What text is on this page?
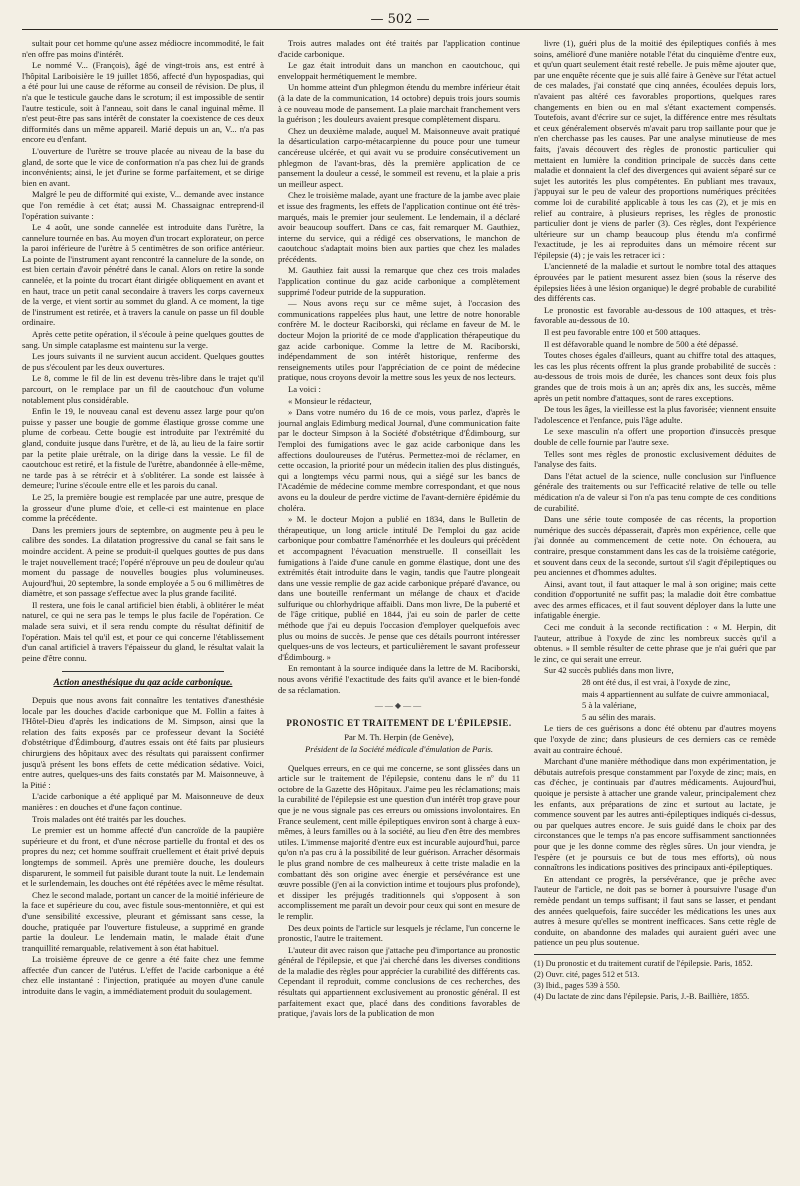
— 502 —

sultait pour cet homme qu'une assez médiocre incommodité, le fait n'en offre pas moins d'intérêt.

Le nommé V... (François), âgé de vingt-trois ans, est entré à l'hôpital Lariboisière le 19 juillet 1856, affecté d'un hypospadias, qui a été pour lui une cause de réforme au conseil de révision. De plus, il n'a que le testicule gauche dans le scrotum; il est impossible de sentir l'autre testicule, soit à l'anneau, soit dans le canal inguinal même. Il n'est peut-être pas sans intérêt de constater la coexistence de ces deux difformités dans un même appareil. Marié depuis un an, V... n'a pas encore eu d'enfant.

L'ouverture de l'urètre se trouve placée au niveau de la base du gland, de sorte que le vice de conformation n'a pas chez lui de grands inconvénients; ainsi, le jet d'urine se forme parfaitement, et se dirige bien en avant.

Malgré le peu de difformité qui existe, V... demande avec instance que l'on remédie à cet état; aussi M. Chassaignac entreprend-il l'opération suivante :

Le 4 août, une sonde cannelée est introduite dans l'urètre, la cannelure tournée en bas. Au moyen d'un trocart explorateur, on perce la paroi inférieure de l'urètre à 5 centimètres de son orifice antérieur. La pointe de l'instrument ayant rencontré la cannelure de la sonde, on est bien certain d'avoir pénétré dans le canal. Alors on retire la sonde cannelée, et la pointe du trocart étant dirigée obliquement en avant et en haut, trace un petit canal secondaire à travers les corps caverneux de la verge, et vient sortir au sommet du gland. A ce moment, la tige de l'instrument est retirée, et à travers la canule on passe un fil double ordinaire.

Après cette petite opération, il s'écoule à peine quelques gouttes de sang. Un simple cataplasme est maintenu sur la verge.

Les jours suivants il ne survient aucun accident. Quelques gouttes de pus s'écoulent par les deux ouvertures.

Le 8, comme le fil de lin est devenu très-libre dans le trajet qu'il parcourt, on le remplace par un fil de caoutchouc d'un volume notablement plus considérable.

Enfin le 19, le nouveau canal est devenu assez large pour qu'on puisse y passer une bougie de gomme élastique grosse comme une plume de corbeau. Cette bougie est introduite par l'extrémité du gland, conduite jusque dans l'urètre, et de là, au lieu de la faire sortir par la petite plaie urétrale, on la dirige dans la vessie. Le fil de caoutchouc est retiré, et la fistule de l'urètre, abandonnée à elle-même, ne tarde pas à se rétrécir et à s'oblitérer. La sonde est laissée à demeure; l'urine s'écoule entre elle et les parois du canal.

Le 25, la première bougie est remplacée par une autre, presque de la grosseur d'une plume d'oie, et celle-ci est maintenue en place comme la précédente.

Dans les premiers jours de septembre, on augmente peu à peu le calibre des sondes. La dilatation progressive du canal se fait sans le moindre accident. A peine se produit-il quelques gouttes de pus dans le trajet nouvellement tracé; l'opéré n'éprouve un peu de douleur qu'au moment du passage de nouvelles bougies plus volumineuses. Aujourd'hui, 20 septembre, la sonde employée a 5 ou 6 millimètres de diamètre, et son passage s'effectue avec la plus grande facilité.

Il restera, une fois le canal artificiel bien établi, à oblitérer le méat naturel, ce qui ne sera pas le temps le plus facile de l'opération. Ce malade sera suivi, et il sera rendu compte du résultat définitif de l'opération. Mais tel qu'il est, et pour ce qui concerne l'établissement d'un canal artificiel à travers l'épaisseur du gland, le résultat valait la peine d'être connu.

Action anesthésique du gaz acide carbonique.

Depuis que nous avons fait connaître les tentatives d'anesthésie locale par les douches d'acide carbonique que M. Follin a faites à l'Hôtel-Dieu d'après les indications de M. Simpson, ainsi que la relation des faits exposés par ce professeur devant la Société d'obstétrique d'Édimbourg, d'autres essais ont été faits par plusieurs chirurgiens des hôpitaux avec des résultats qui paraissent confirmer jusqu'à présent les bons effets de cette médication sédative. Voici, entre autres, quelques-uns des faits constatés par M. Maisonneuve, à la Pitié :

L'acide carbonique a été appliqué par M. Maisonneuve de deux manières : en douches et d'une façon continue.

Trois malades ont été traités par les douches.

Le premier est un homme affecté d'un cancroïde de la paupière supérieure et du front, et d'une nécrose partielle du frontal et des os propres du nez; cet homme souffrait cruellement et était privé depuis longtemps de sommeil. Après une première douche, les douleurs disparurent, le sommeil fut paisible durant toute la nuit. Le lendemain et le surlendemain, les douches ont été répétées avec le même résultat.

Chez le second malade, portant un cancer de la moitié inférieure de la face et supérieure du cou, avec fistule sous-mentonnière, et qui est d'une sensibilité excessive, pleurant et gémissant sans cesse, la douche, pratiquée par l'ouverture fistuleuse, a supprimé en grande partie la douleur. Le lendemain matin, le malade était d'une tranquillité remarquable, relativement à son état habituel.

La troisième épreuve de ce genre a été faite chez une femme affectée d'un cancer de l'utérus. L'effet de l'acide carbonique a été chez elle instantané : l'injection, pratiquée au moyen d'une canule introduite dans le vagin, a immédiatement produit du soulagement.

Trois autres malades ont été traités par l'application continue d'acide carbonique.

Le gaz était introduit dans un manchon en caoutchouc, qui enveloppait hermétiquement le membre.

Un homme atteint d'un phlegmon étendu du membre inférieur était (à la date de la communication, 14 octobre) depuis trois jours soumis à ce nouveau mode de pansement. La plaie marchait franchement vers la guérison ; les douleurs avaient presque complètement disparu.

Chez un deuxième malade, auquel M. Maisonneuve avait pratiqué la désarticulation carpo-métacarpienne du pouce pour une tumeur cancéreuse ulcérée, et qui avait vu se produire consécutivement un phlegmon de l'avant-bras, dès la première application de ce pansement la douleur a cessé, le sommeil est revenu, et la plaie a pris un meilleur aspect.

Chez le troisième malade, ayant une fracture de la jambe avec plaie et issue des fragments, les effets de l'application continue ont été très-marqués, mais le premier jour seulement. Le lendemain, il a déclaré avoir beaucoup souffert. Dans ce cas, fait remarquer M. Gauthiez, interne du service, qui a rédigé ces observations, le manchon de caoutchouc s'adaptait moins bien aux parties que chez les malades précédents.

M. Gauthiez fait aussi la remarque que chez ces trois malades l'application continue du gaz acide carbonique a complètement supprimé l'odeur putride de la suppuration.

— Nous avons reçu sur ce même sujet, à l'occasion des communications rappelées plus haut, une lettre de notre honorable confrère M. le docteur Raciborski, qui réclame en faveur de M. le docteur Mojon la priorité de ce mode d'application thérapeutique du gaz acide carbonique. Comme la lettre de M. Raciborski, indépendamment de son intérêt historique, renferme des renseignements utiles pour l'appréciation de ce point de médecine pratique, nous croyons devoir la mettre sous les yeux de nos lecteurs.

La voici :

« Monsieur le rédacteur,

» Dans votre numéro du 16 de ce mois, vous parlez, d'après le journal anglais Edimburg medical Journal, d'une communication faite par le docteur Simpson à la Société d'obstétrique d'Édimbourg, sur l'emploi des fumigations avec le gaz acide carbonique dans les affections douloureuses de l'utérus. Permettez-moi de réclamer, en cette occasion, la priorité pour un médecin italien des plus distingués, qui a longtemps vécu parmi nous, qui a siégé sur les bancs de l'Académie de médecine comme membre correspondant, et que nous avons eu la douleur de perdre victime de l'avant-dernière épidémie du choléra.

» M. le docteur Mojon a publié en 1834, dans le Bulletin de thérapeutique, un long article intitulé De l'emploi du gaz acide carbonique pour combattre l'aménorrhée et les douleurs qui précèdent et accompagnent l'évacuation menstruelle. Il conseillait les fumigations à l'aide d'une canule en gomme élastique, dont une des extrémités était introduite dans le vagin, tandis que l'autre plongeait dans une vessie remplie de gaz acide carbonique préparé d'avance, ou dans une bouteille renfermant un mélange de chaux et d'acide sulfurique ou chlorhydrique affaibli. Dans mon livre, De la puberté et de l'âge critique, publié en 1844, j'ai eu soin de parler de cette méthode que j'ai eu depuis l'occasion d'employer quelquefois avec plus ou moins de succès. Je pense que ces détails pourront intéresser quelques-uns de vos lecteurs, et particulièrement le savant professeur d'Édimbourg. »

En remontant à la source indiquée dans la lettre de M. Raciborski, nous avons vérifié l'exactitude des faits qu'il avance et le bien-fondé de sa réclamation.

——◆——
PRONOSTIC ET TRAITEMENT DE L'ÉPILEPSIE.
Par M. Th. Herpin (de Genève),
Président de la Société médicale d'émulation de Paris.

Quelques erreurs, en ce qui me concerne, se sont glissées dans un article sur le traitement de l'épilepsie, contenu dans le nº du 11 octobre de la Gazette des Hôpitaux. J'aime peu les réclamations; mais la curabilité de l'épilepsie est une question d'un intérêt trop grave pour que je ne vous signale pas ces erreurs ou omissions involontaires. En France seulement, cent mille épileptiques environ sont à charge à eux-mêmes, à leurs familles ou à la société, au lieu d'en être des membres utiles. L'immense majorité d'entre eux est incurable aujourd'hui, parce qu'on n'a pas cru à la possibilité de leur guérison. Arracher désormais le plus grand nombre de ces malheureux à cette triste maladie en la combattant dès son origine avec énergie et persévérance est une œuvre possible (j'en ai la conviction intime et toujours plus profonde), et dissiper les préjugés traditionnels qui s'opposent à son accomplissement me paraît un devoir pour ceux qui sont en mesure de le remplir.

Des deux points de l'article sur lesquels je réclame, l'un concerne le pronostic, l'autre le traitement.

L'auteur dit avec raison que j'attache peu d'importance au pronostic général de l'épilepsie, et que j'ai cherché dans les diverses conditions de la maladie des règles pour apprécier la curabilité des différents cas. Cependant il reproduit, comme conclusions de ces recherches, des résultats qui appartiennent exclusivement au pronostic général. Il est parfaitement exact que, placé dans des conditions favorables de pratique, j'avais lors de la publication de mon

livre (1), guéri plus de la moitié des épileptiques confiés à mes soins, amélioré d'une manière notable l'état du cinquième d'entre eux, et qu'un quart seulement était resté rebelle. Je puis même ajouter que, par une enquête récente que je suis allé faire à Genève sur l'état actuel de ces malades, j'ai constaté que cinq années, écoulées depuis lors, n'avaient pas altéré ces favorables proportions, quelques rares changements en bien ou en mal s'étant exactement compensés. Toutefois, avant d'écrire sur ce sujet, la différence entre mes résultats et ceux généralement observés m'avait paru trop saillante pour que je n'en cherchasse pas les causes. Par une analyse minutieuse de mes faits, j'avais découvert des règles de pronostic particulier qui mettaient en lumière la condition principale de succès dans cette maladie et donnaient la clef des divergences qui avaient séparé sur ce sujet les autorités les plus compétentes. En publiant mes travaux, j'appuyai sur le peu de valeur des proportions numériques précitées comme loi de curabilité applicable à tous les cas (2), et je mis en relief au contraire, à plusieurs reprises, les règles de pronostic particulier dont je viens de parler (3). Ces règles, dont l'expérience ultérieure sur un champ beaucoup plus étendu m'a confirmé l'exactitude, je les ai reproduites dans un mémoire récent sur l'épilepsie (4) ; je vais les retracer ici :

L'ancienneté de la maladie et surtout le nombre total des attaques éprouvées par le patient mesurent assez bien (sous la réserve des épilepsies liées à une lésion organique) le degré probable de curabilité des différents cas.

Le pronostic est favorable au-dessous de 100 attaques, et très-favorable au-dessous de 10.

Il est peu favorable entre 100 et 500 attaques.

Il est défavorable quand le nombre de 500 a été dépassé.

Toutes choses égales d'ailleurs, quant au chiffre total des attaques, les cas les plus récents offrent la plus grande probabilité de succès : au-dessous de trois mois de durée, les chances sont deux fois plus grandes que de trois mois à un an; après dix ans, les succès, même après un petit nombre d'attaques, sont de rares exceptions.

De tous les âges, la vieillesse est la plus favorisée; viennent ensuite l'adolescence et l'enfance, puis l'âge adulte.

Le sexe masculin n'a offert une proportion d'insuccès presque double de celle fournie par l'autre sexe.

Telles sont mes règles de pronostic exclusivement déduites de l'analyse des faits.

Dans l'état actuel de la science, nulle conclusion sur l'influence générale des traitements ou sur l'efficacité relative de telle ou telle médication n'a de valeur si l'on n'a pas tenu compte de ces conditions de curabilité.

Dans une série toute composée de cas récents, la proportion numérique des succès dépasserait, d'après mon expérience, celle que j'ai donnée au commencement de cette note. On échouera, au contraire, presque constamment dans les cas de la troisième catégorie, et souvent dans ceux de la seconde, surtout s'il s'agit d'épileptiques ou peu anciennes et d'hommes adultes.

Ainsi, avant tout, il faut attaquer le mal à son origine; mais cette condition d'opportunité ne suffit pas; la maladie doit être combattue avec des armes efficaces, et il faut souvent déployer dans la lutte une infatigable énergie.

Ceci me conduit à la seconde rectification : « M. Herpin, dit l'auteur, attribue à l'oxyde de zinc les nombreux succès qu'il a obtenus. » Il semble résulter de cette phrase que je n'ai guéri que par le zinc, ce qui serait une erreur.

Sur 42 succès publiés dans mon livre,

28 ont été dus, il est vrai, à l'oxyde de zinc,

mais 4 appartiennent au sulfate de cuivre ammoniacal,

5 à la valériane,

5 au sélin des marais.

Le tiers de ces guérisons a donc été obtenu par d'autres moyens que l'oxyde de zinc; dans plusieurs de ces derniers cas ce remède avait au contraire échoué.

Marchant d'une manière méthodique dans mon expérimentation, je débutais autrefois presque constamment par l'oxyde de zinc; mais, en cas d'échec, je continuais par d'autres médicaments. Aujourd'hui, quoique je persiste à attacher une grande valeur, principalement chez les enfants, aux préparations de zinc et surtout au lactate, je commence souvent par les autres anti-épileptiques indiqués ci-dessus, ou par quelques autres encore. Je suis guidé dans le choix par des circonstances que le temps n'a pas encore suffisamment sanctionnées pour que je les donne comme des règles sûres. Un jour viendra, je l'espère (et je poursuis ce but de tous mes efforts), où nous connaîtrons les indications positives des principaux anti-épileptiques.

En attendant ce progrès, la persévérance, que je prêche avec l'auteur de l'article, ne doit pas se borner à poursuivre l'usage d'un remède pendant un temps suffisant; il faut sans se lasser, et pendant des années quelquefois, faire succéder les médications les unes aux autres à mesure qu'elles se montrent inefficaces. Sans cette règle de conduite, on abandonne des malades qui auraient guéri avec une patience un peu plus soutenue.

(1) Du pronostic et du traitement curatif de l'épilepsie. Paris, 1852.

(2) Ouvr. cité, pages 512 et 513.

(3) Ibid., pages 539 à 550.

(4) Du lactate de zinc dans l'épilepsie. Paris, J.-B. Baillière, 1855.
